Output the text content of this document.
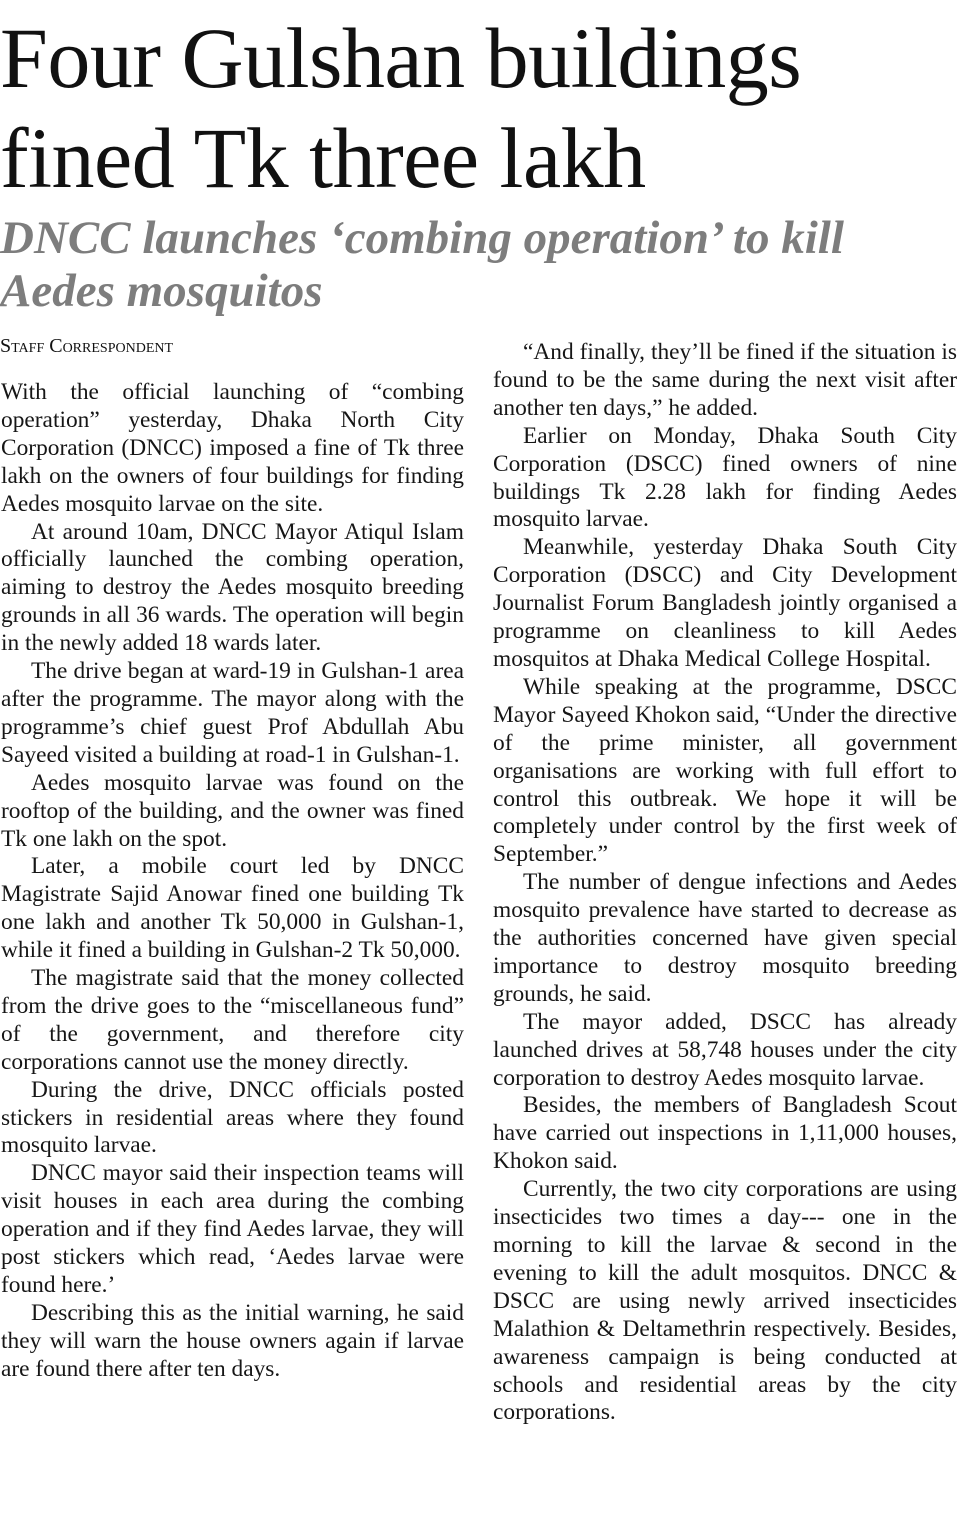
Four Gulshan buildings fined Tk three lakh
DNCC launches ‘combing operation’ to kill Aedes mosquitos
Staff Correspondent

With the official launching of “combing operation” yesterday, Dhaka North City Corporation (DNCC) imposed a fine of Tk three lakh on the owners of four buildings for finding Aedes mosquito larvae on the site.

At around 10am, DNCC Mayor Atiqul Islam officially launched the combing operation, aiming to destroy the Aedes mosquito breeding grounds in all 36 wards. The operation will begin in the newly added 18 wards later.

The drive began at ward-19 in Gulshan-1 area after the programme. The mayor along with the programme’s chief guest Prof Abdullah Abu Sayeed visited a building at road-1 in Gulshan-1.

Aedes mosquito larvae was found on the rooftop of the building, and the owner was fined Tk one lakh on the spot.

Later, a mobile court led by DNCC Magistrate Sajid Anowar fined one building Tk one lakh and another Tk 50,000 in Gulshan-1, while it fined a building in Gulshan-2 Tk 50,000.

The magistrate said that the money collected from the drive goes to the “miscellaneous fund” of the government, and therefore city corporations cannot use the money directly.

During the drive, DNCC officials posted stickers in residential areas where they found mosquito larvae.

DNCC mayor said their inspection teams will visit houses in each area during the combing operation and if they find Aedes larvae, they will post stickers which read, ‘Aedes larvae were found here.’

Describing this as the initial warning, he said they will warn the house owners again if larvae are found there after ten days.

“And finally, they’ll be fined if the situation is found to be the same during the next visit after another ten days,” he added.

Earlier on Monday, Dhaka South City Corporation (DSCC) fined owners of nine buildings Tk 2.28 lakh for finding Aedes mosquito larvae.

Meanwhile, yesterday Dhaka South City Corporation (DSCC) and City Development Journalist Forum Bangladesh jointly organised a programme on cleanliness to kill Aedes mosquitos at Dhaka Medical College Hospital.

While speaking at the programme, DSCC Mayor Sayeed Khokon said, “Under the directive of the prime minister, all government organisations are working with full effort to control this outbreak. We hope it will be completely under control by the first week of September.”

The number of dengue infections and Aedes mosquito prevalence have started to decrease as the authorities concerned have given special importance to destroy mosquito breeding grounds, he said.

The mayor added, DSCC has already launched drives at 58,748 houses under the city corporation to destroy Aedes mosquito larvae.

Besides, the members of Bangladesh Scout have carried out inspections in 1,11,000 houses, Khokon said.

Currently, the two city corporations are using insecticides two times a day--- one in the morning to kill the larvae & second in the evening to kill the adult mosquitos. DNCC & DSCC are using newly arrived insecticides Malathion & Deltamethrin respectively. Besides, awareness campaign is being conducted at schools and residential areas by the city corporations.
